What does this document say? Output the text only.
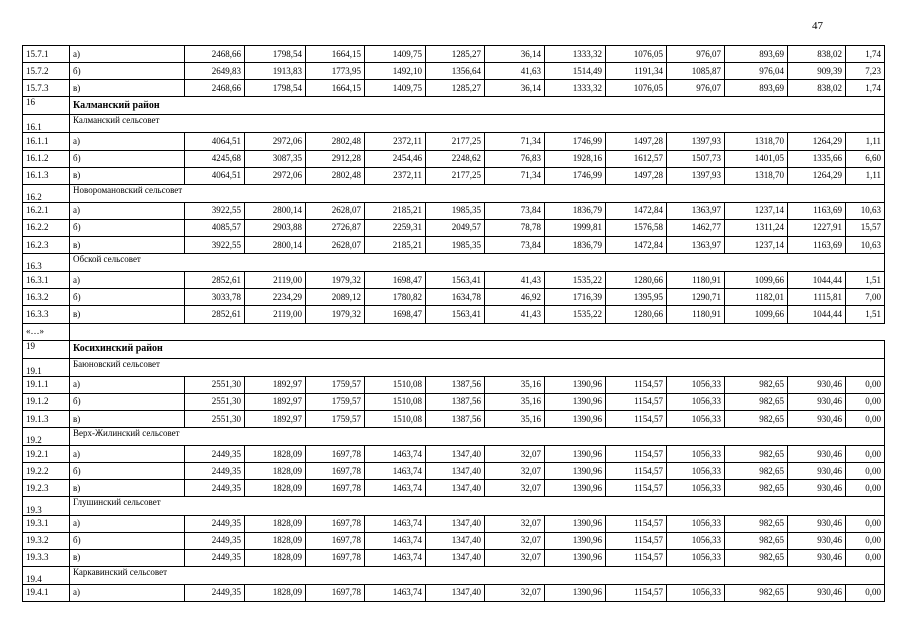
47
15.7.1	а)	2468,66	1798,54	1664,15	1409,75	1285,27	36,14	1333,32	1076,05	976,07	893,69	838,02	1,74
15.7.2	б)	2649,83	1913,83	1773,95	1492,10	1356,64	41,63	1514,49	1191,34	1085,87	976,04	909,39	7,23
15.7.3	в)	2468,66	1798,54	1664,15	1409,75	1285,27	36,14	1333,32	1076,05	976,07	893,69	838,02	1,74
16	Калманский район												
16.1	Калманский сельсовет												
16.1.1	а)	4064,51	2972,06	2802,48	2372,11	2177,25	71,34	1746,99	1497,28	1397,93	1318,70	1264,29	1,11
16.1.2	б)	4245,68	3087,35	2912,28	2454,46	2248,62	76,83	1928,16	1612,57	1507,73	1401,05	1335,66	6,60
16.1.3	в)	4064,51	2972,06	2802,48	2372,11	2177,25	71,34	1746,99	1497,28	1397,93	1318,70	1264,29	1,11
16.2	Новоромановский сельсовет												
16.2.1	а)	3922,55	2800,14	2628,07	2185,21	1985,35	73,84	1836,79	1472,84	1363,97	1237,14	1163,69	10,63
16.2.2	б)	4085,57	2903,88	2726,87	2259,31	2049,57	78,78	1999,81	1576,58	1462,77	1311,24	1227,91	15,57
16.2.3	в)	3922,55	2800,14	2628,07	2185,21	1985,35	73,84	1836,79	1472,84	1363,97	1237,14	1163,69	10,63
16.3	Обской сельсовет												
16.3.1	а)	2852,61	2119,00	1979,32	1698,47	1563,41	41,43	1535,22	1280,66	1180,91	1099,66	1044,44	1,51
16.3.2	б)	3033,78	2234,29	2089,12	1780,82	1634,78	46,92	1716,39	1395,95	1290,71	1182,01	1115,81	7,00
16.3.3	в)	2852,61	2119,00	1979,32	1698,47	1563,41	41,43	1535,22	1280,66	1180,91	1099,66	1044,44	1,51
«…»													
19	Косихинский район												
19.1	Баюновский сельсовет												
19.1.1	а)	2551,30	1892,97	1759,57	1510,08	1387,56	35,16	1390,96	1154,57	1056,33	982,65	930,46	0,00
19.1.2	б)	2551,30	1892,97	1759,57	1510,08	1387,56	35,16	1390,96	1154,57	1056,33	982,65	930,46	0,00
19.1.3	в)	2551,30	1892,97	1759,57	1510,08	1387,56	35,16	1390,96	1154,57	1056,33	982,65	930,46	0,00
19.2	Верх-Жилинский сельсовет												
19.2.1	а)	2449,35	1828,09	1697,78	1463,74	1347,40	32,07	1390,96	1154,57	1056,33	982,65	930,46	0,00
19.2.2	б)	2449,35	1828,09	1697,78	1463,74	1347,40	32,07	1390,96	1154,57	1056,33	982,65	930,46	0,00
19.2.3	в)	2449,35	1828,09	1697,78	1463,74	1347,40	32,07	1390,96	1154,57	1056,33	982,65	930,46	0,00
19.3	Глушинский сельсовет												
19.3.1	а)	2449,35	1828,09	1697,78	1463,74	1347,40	32,07	1390,96	1154,57	1056,33	982,65	930,46	0,00
19.3.2	б)	2449,35	1828,09	1697,78	1463,74	1347,40	32,07	1390,96	1154,57	1056,33	982,65	930,46	0,00
19.3.3	в)	2449,35	1828,09	1697,78	1463,74	1347,40	32,07	1390,96	1154,57	1056,33	982,65	930,46	0,00
19.4	Каркавинский сельсовет												
19.4.1	а)	2449,35	1828,09	1697,78	1463,74	1347,40	32,07	1390,96	1154,57	1056,33	982,65	930,46	0,00
